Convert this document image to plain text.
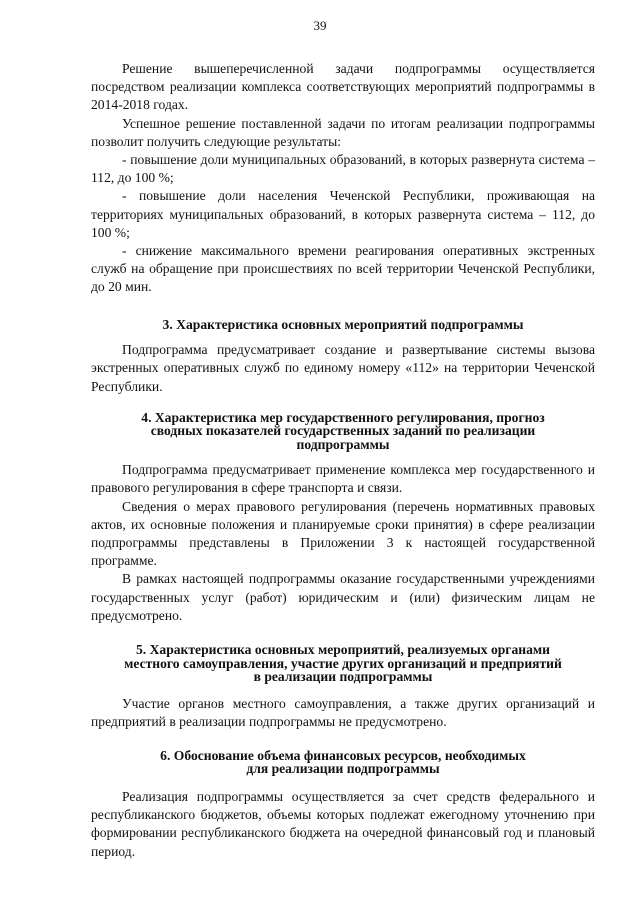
39

Решение вышеперечисленной задачи подпрограммы осуществляется посредством реализации комплекса соответствующих мероприятий подпрограммы в 2014-2018 годах.

Успешное решение поставленной задачи по итогам реализации подпрограммы позволит получить следующие результаты:

- повышение доли муниципальных образований, в которых развернута система – 112, до 100 %;

- повышение доли населения Чеченской Республики, проживающая на территориях муниципальных образований, в которых развернута система – 112, до 100 %;

- снижение максимального времени реагирования оперативных экстренных служб на обращение при происшествиях по всей территории Чеченской Республики, до 20 мин.

3. Характеристика основных мероприятий подпрограммы

Подпрограмма предусматривает создание и развертывание системы вызова экстренных оперативных служб по единому номеру «112» на территории Чеченской Республики.

4. Характеристика мер государственного регулирования, прогноз
сводных показателей государственных заданий по реализации
подпрограммы

Подпрограмма предусматривает применение комплекса мер государственного и правового регулирования в сфере транспорта и связи.

Сведения о мерах правового регулирования (перечень нормативных правовых актов, их основные положения и планируемые сроки принятия) в сфере реализации подпрограммы представлены в Приложении 3 к настоящей государственной программе.

В рамках настоящей подпрограммы оказание государственными учреждениями государственных услуг (работ) юридическим и (или) физическим лицам не предусмотрено.

5. Характеристика основных мероприятий, реализуемых органами
местного самоуправления, участие других организаций и предприятий
в реализации подпрограммы

Участие органов местного самоуправления, а также других организаций и предприятий в реализации подпрограммы не предусмотрено.

6. Обоснование объема финансовых ресурсов, необходимых
для реализации подпрограммы

Реализация подпрограммы осуществляется за счет средств федерального и республиканского бюджетов, объемы которых подлежат ежегодному уточнению при формировании республиканского бюджета на очередной финансовый год и плановый период.
